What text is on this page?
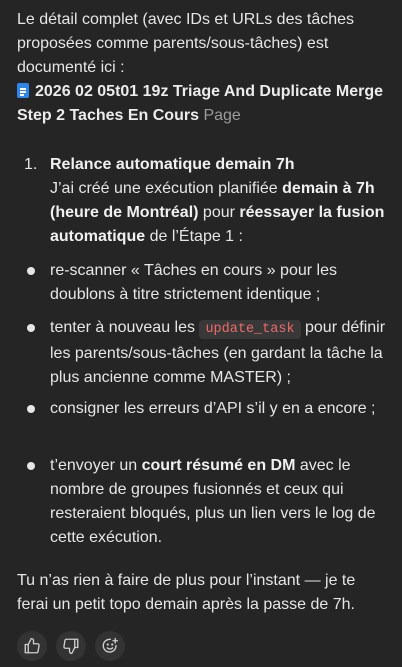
Le détail complet (avec IDs et URLs des tâches proposées comme parents/sous-tâches) est documenté ici :
2026 02 05t01 19z Triage And Duplicate Merge Step 2 Taches En Cours Page

1. Relance automatique demain 7h
J’ai créé une exécution planifiée demain à 7h (heure de Montréal) pour réessayer la fusion automatique de l’Étape 1 :
re-scanner « Tâches en cours » pour les doublons à titre strictement identique ;
tenter à nouveau les update_task pour définir les parents/sous-tâches (en gardant la tâche la plus ancienne comme MASTER) ;
consigner les erreurs d’API s’il y en a encore ;
t’envoyer un court résumé en DM avec le nombre de groupes fusionnés et ceux qui resteraient bloqués, plus un lien vers le log de cette exécution.

Tu n’as rien à faire de plus pour l’instant — je te ferai un petit topo demain après la passe de 7h.
